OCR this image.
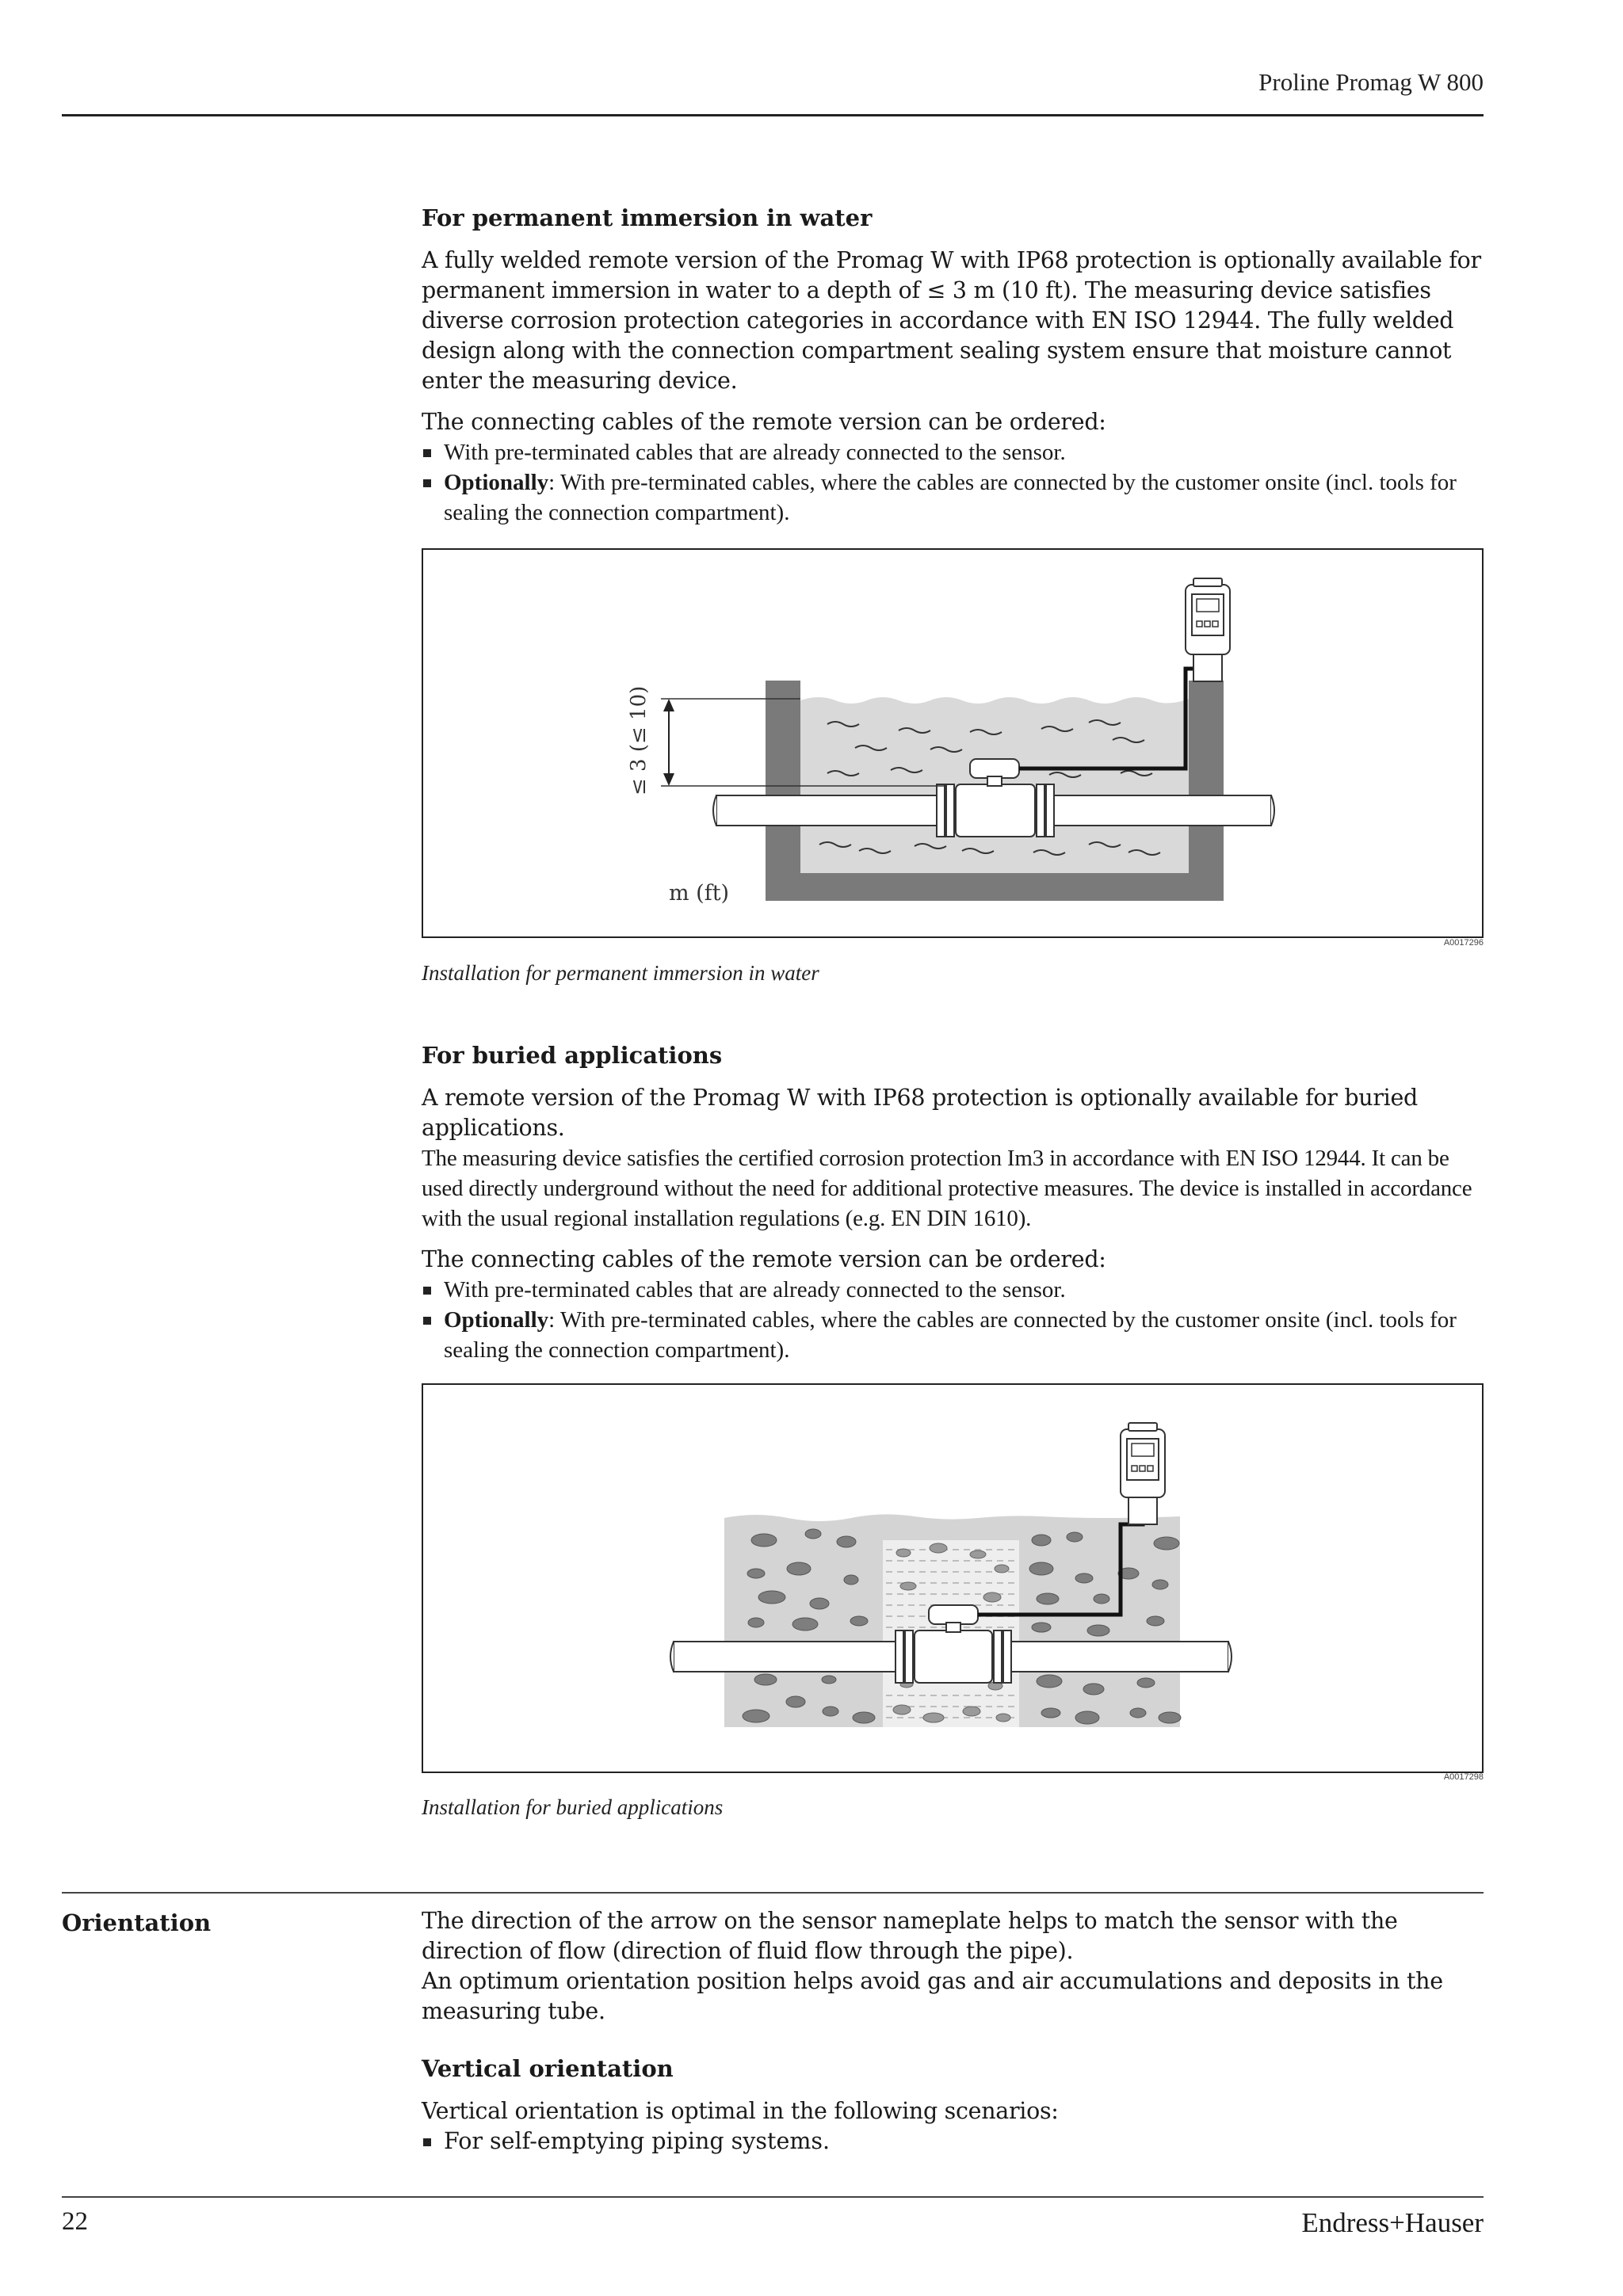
Proline Promag W 800
For permanent immersion in water

A fully welded remote version of the Promag W with IP68 protection is optionally available for permanent immersion in water to a depth of ≤ 3 m (10 ft). The measuring device satisfies diverse corrosion protection categories in accordance with EN ISO 12944. The fully welded design along with the connection compartment sealing system ensure that moisture cannot enter the measuring device.

The connecting cables of the remote version can be ordered:

With pre-terminated cables that are already connected to the sensor.
Optionally: With pre-terminated cables, where the cables are connected by the customer onsite (incl. tools for sealing the connection compartment).
≤ 3 (≤ 10)
m (ft)
A0017296
Installation for permanent immersion in water
For buried applications

A remote version of the Promag W with IP68 protection is optionally available for buried applications.

The measuring device satisfies the certified corrosion protection Im3 in accordance with EN ISO 12944. It can be used directly underground without the need for additional protective measures. The device is installed in accordance with the usual regional installation regulations (e.g. EN DIN 1610).

The connecting cables of the remote version can be ordered:

With pre-terminated cables that are already connected to the sensor.
Optionally: With pre-terminated cables, where the cables are connected by the customer onsite (incl. tools for sealing the connection compartment).
A0017298
Installation for buried applications
Orientation	The direction of the arrow on the sensor nameplate helps to match the sensor with the direction of flow (direction of fluid flow through the pipe).

An optimum orientation position helps avoid gas and air accumulations and deposits in the measuring tube.

Vertical orientation

Vertical orientation is optimal in the following scenarios:

For self-emptying piping systems.
22	Endress+Hauser
